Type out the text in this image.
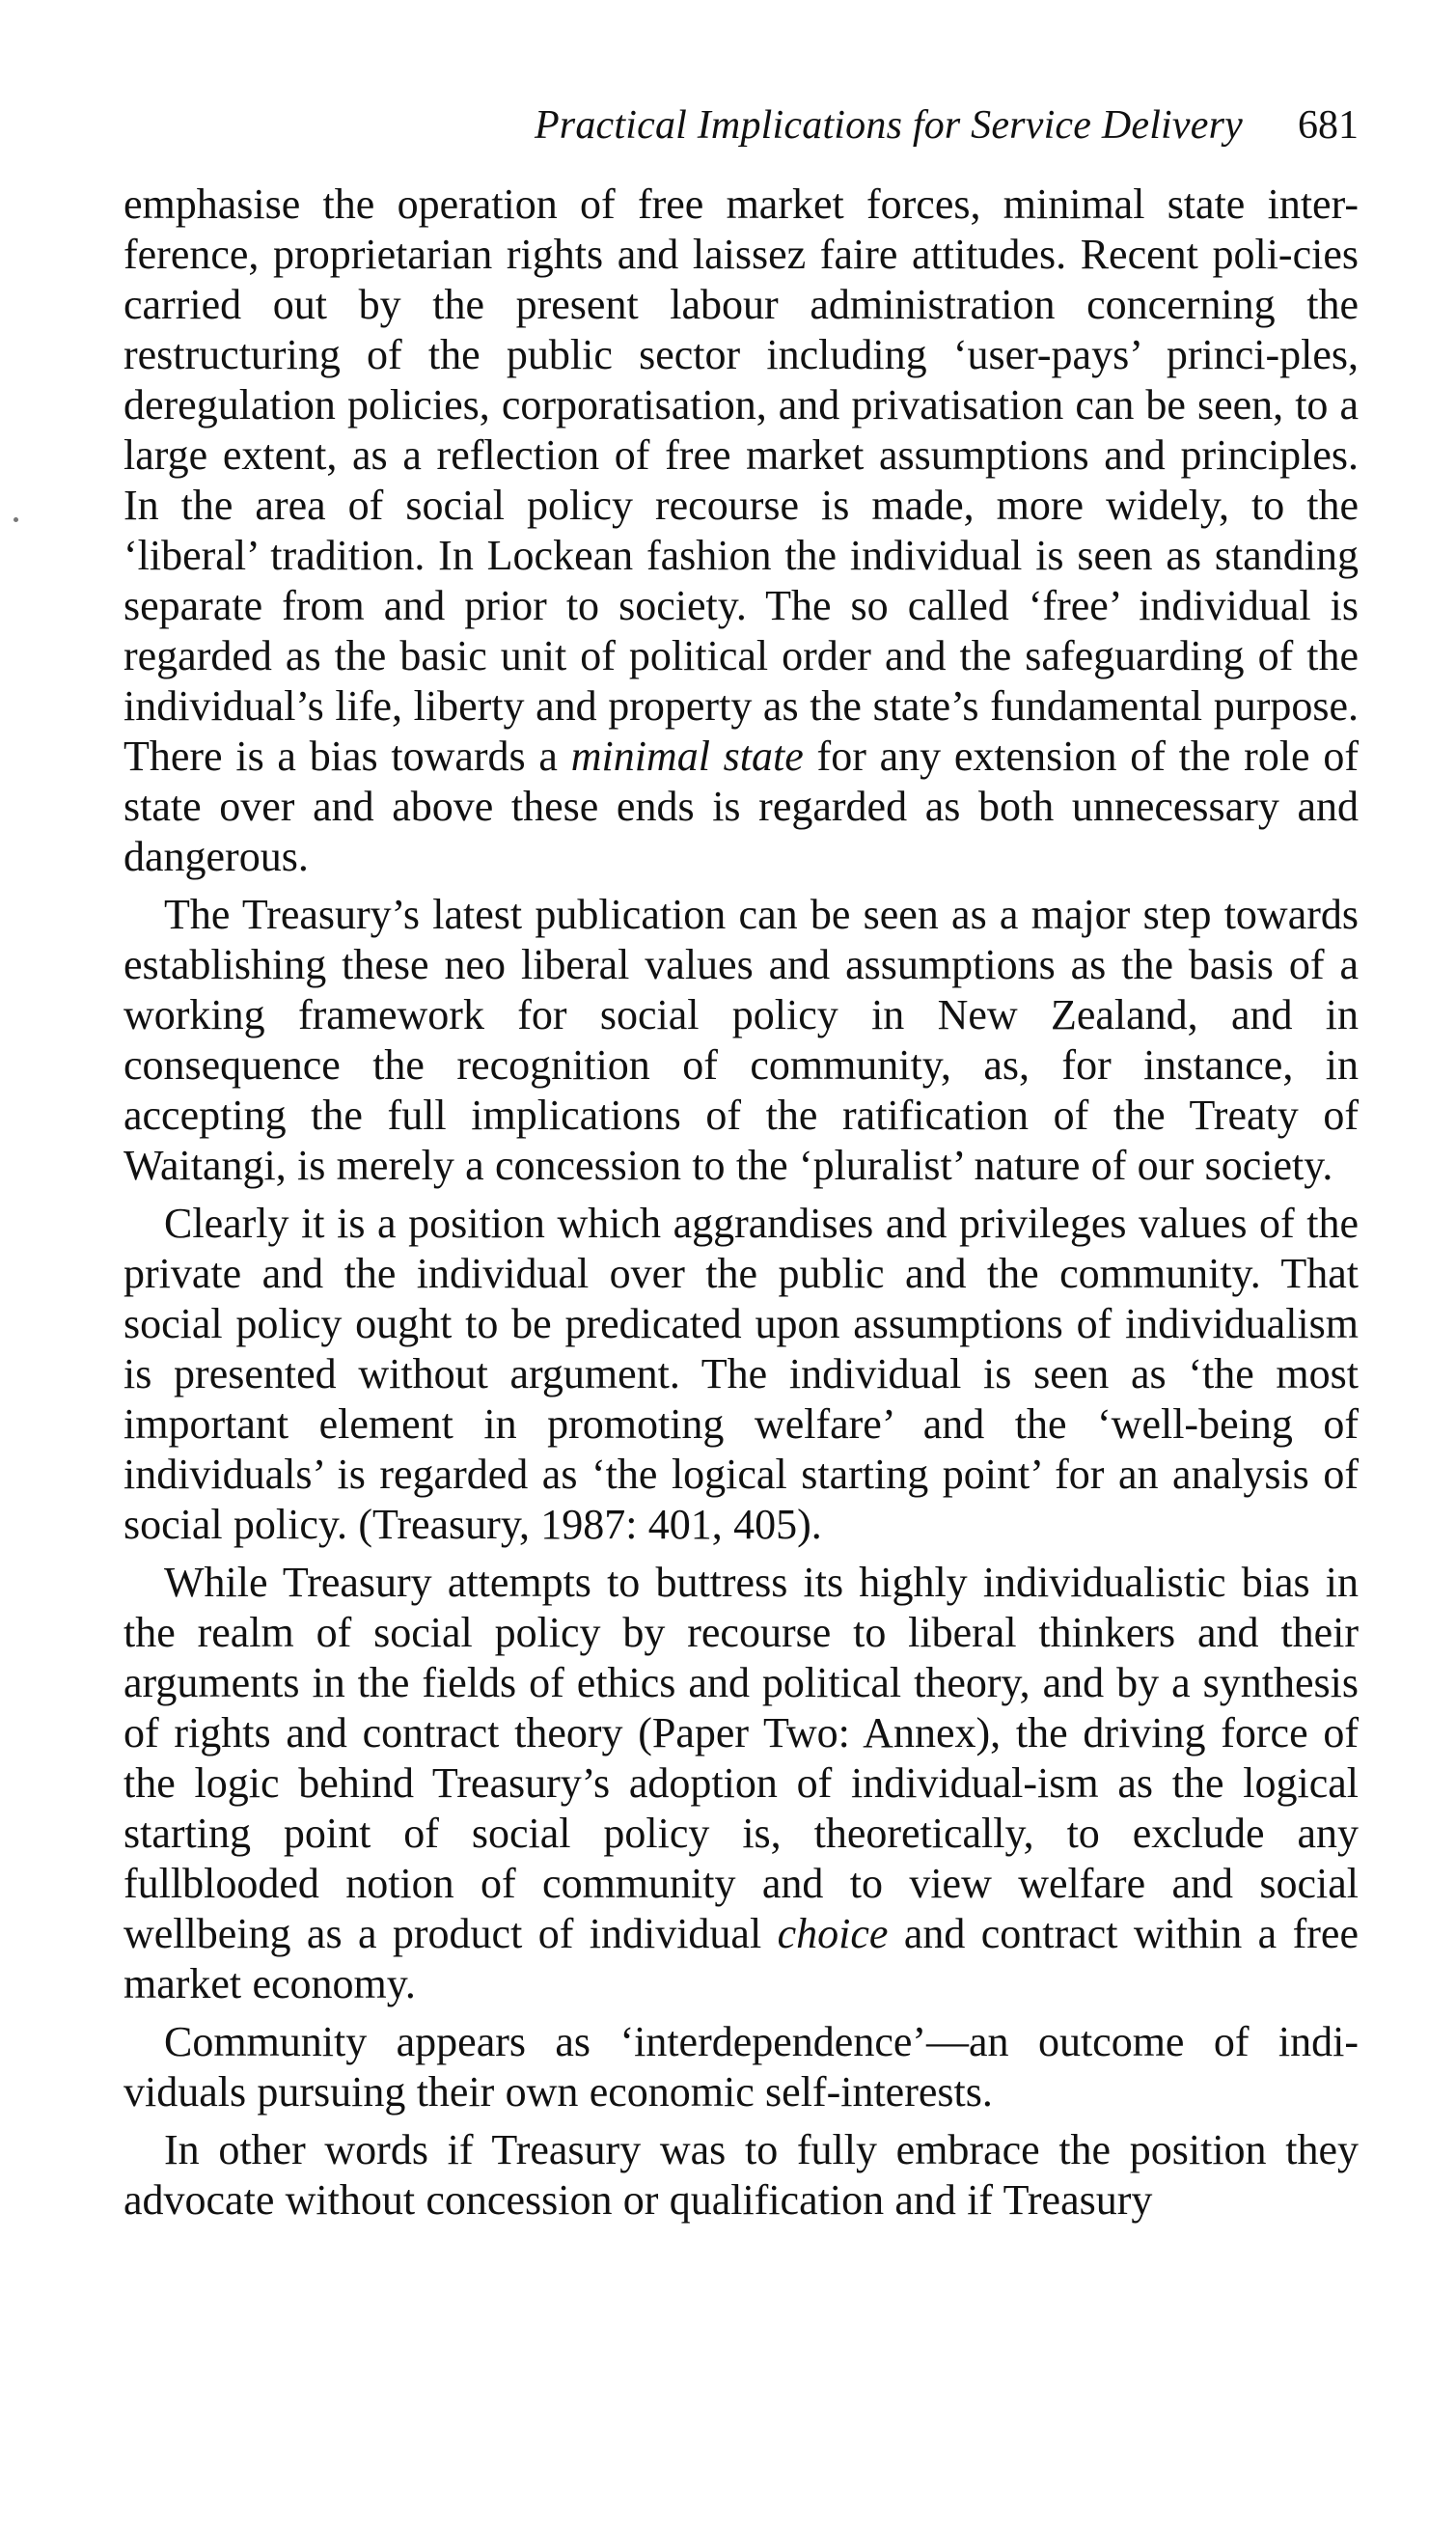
Practical Implications for Service Delivery 681

emphasise the operation of free market forces, minimal state inter-ference, proprietarian rights and laissez faire attitudes. Recent poli-cies carried out by the present labour administration concerning the restructuring of the public sector including ‘user-pays’ princi-ples, deregulation policies, corporatisation, and privatisation can be seen, to a large extent, as a reflection of free market assumptions and principles. In the area of social policy recourse is made, more widely, to the ‘liberal’ tradition. In Lockean fashion the individual is seen as standing separate from and prior to society. The so called ‘free’ individual is regarded as the basic unit of political order and the safeguarding of the individual’s life, liberty and property as the state’s fundamental purpose. There is a bias towards a minimal state for any extension of the role of state over and above these ends is regarded as both unnecessary and dangerous.

The Treasury’s latest publication can be seen as a major step towards establishing these neo liberal values and assumptions as the basis of a working framework for social policy in New Zealand, and in consequence the recognition of community, as, for instance, in accepting the full implications of the ratification of the Treaty of Waitangi, is merely a concession to the ‘pluralist’ nature of our society.

Clearly it is a position which aggrandises and privileges values of the private and the individual over the public and the community. That social policy ought to be predicated upon assumptions of individualism is presented without argument. The individual is seen as ‘the most important element in promoting welfare’ and the ‘well-being of individuals’ is regarded as ‘the logical starting point’ for an analysis of social policy. (Treasury, 1987: 401, 405).

While Treasury attempts to buttress its highly individualistic bias in the realm of social policy by recourse to liberal thinkers and their arguments in the fields of ethics and political theory, and by a synthesis of rights and contract theory (Paper Two: Annex), the driving force of the logic behind Treasury’s adoption of individual-ism as the logical starting point of social policy is, theoretically, to exclude any fullblooded notion of community and to view welfare and social wellbeing as a product of individual choice and contract within a free market economy.

Community appears as ‘interdependence’—an outcome of indi-viduals pursuing their own economic self-interests.

In other words if Treasury was to fully embrace the position they advocate without concession or qualification and if Treasury
